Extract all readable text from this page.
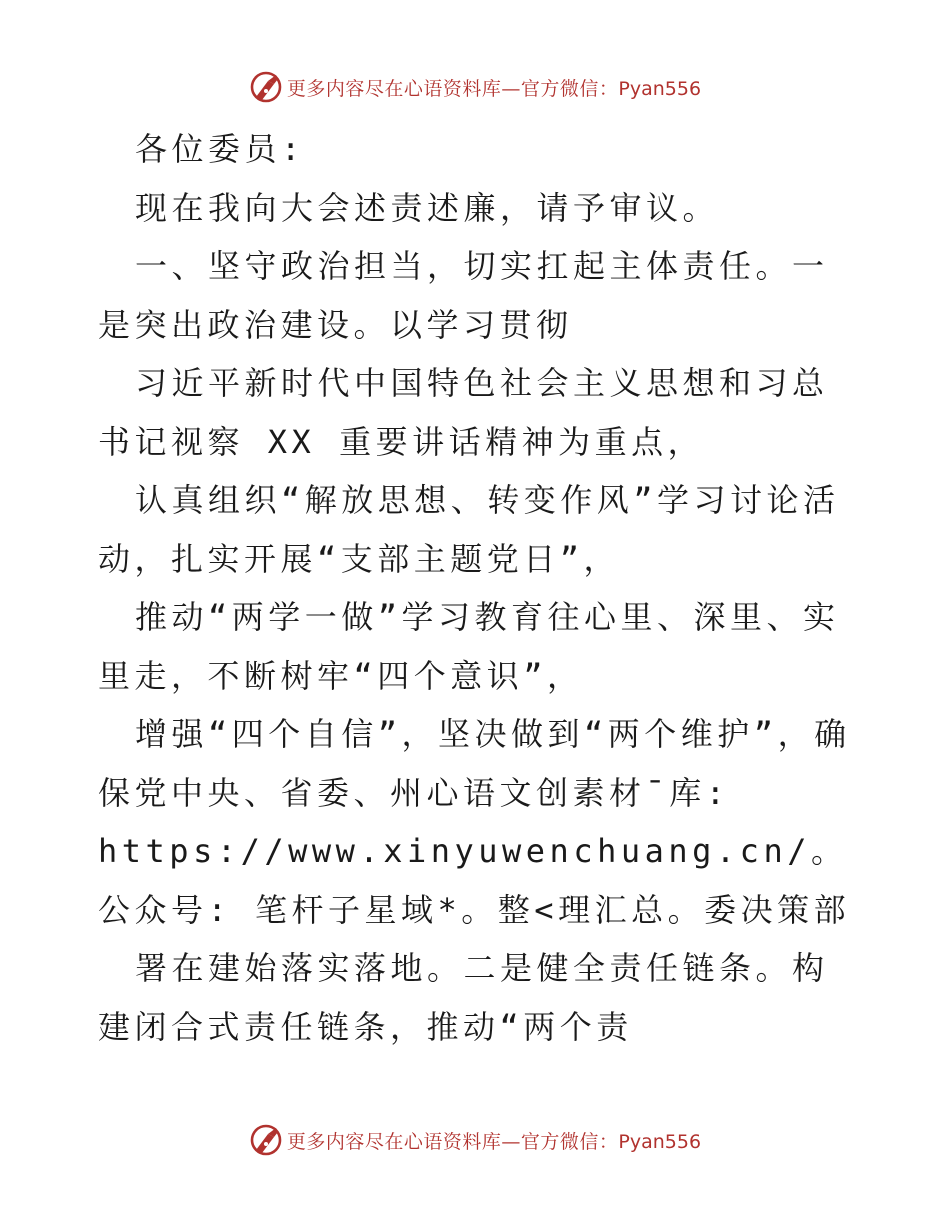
更多内容尽在心语资料库—官方微信：Pyan556

各位委员:

现在我向大会述责述廉，请予审议。

一、坚守政治担当，切实扛起主体责任。一是突出政治建设。以学习贯彻

习近平新时代中国特色社会主义思想和习总书记视察 XX 重要讲话精神为重点，

认真组织“解放思想、转变作风”学习讨论活动，扎实开展“支部主题党日”，

推动“两学一做”学习教育往心里、深里、实里走，不断树牢“四个意识”，

增强“四个自信”，坚决做到“两个维护”，确保党中央、省委、州心语文创素材¯库: https://www.xinyuwenchuang.cn/。公众号: 笔杆子星域*。整<理汇总。委决策部

署在建始落实落地。二是健全责任链条。构建闭合式责任链条，推动“两个责

更多内容尽在心语资料库—官方微信：Pyan556
